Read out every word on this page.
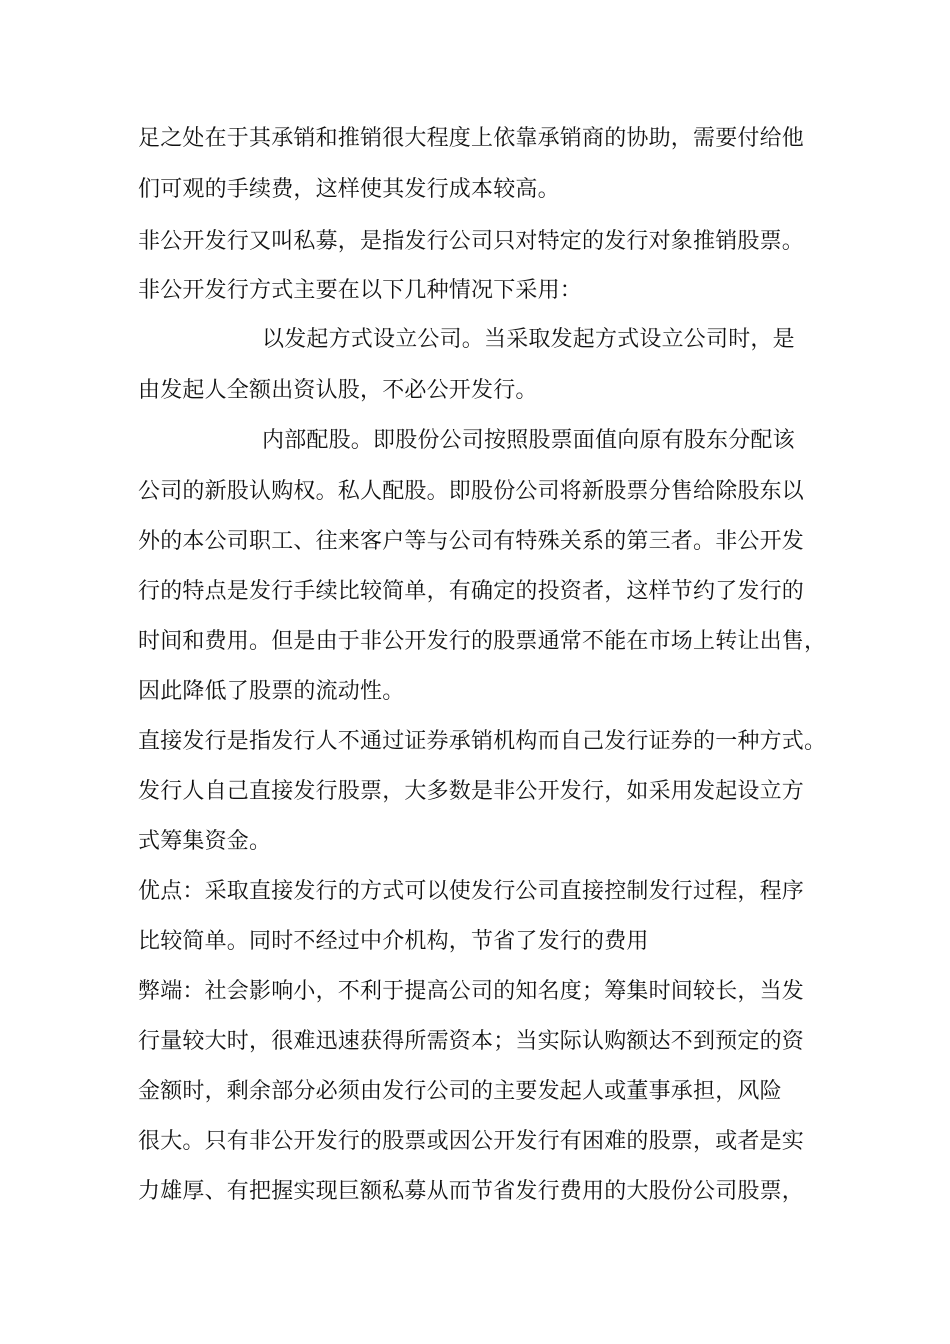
足之处在于其承销和推销很大程度上依靠承销商的协助，需要付给他
们可观的手续费，这样使其发行成本较高。
非公开发行又叫私募，是指发行公司只对特定的发行对象推销股票。
非公开发行方式主要在以下几种情况下采用：
以发起方式设立公司。当采取发起方式设立公司时，是
由发起人全额出资认股，不必公开发行。
内部配股。即股份公司按照股票面值向原有股东分配该
公司的新股认购权。私人配股。即股份公司将新股票分售给除股东以
外的本公司职工、往来客户等与公司有特殊关系的第三者。非公开发
行的特点是发行手续比较简单，有确定的投资者，这样节约了发行的
时间和费用。但是由于非公开发行的股票通常不能在市场上转让出售，
因此降低了股票的流动性。
直接发行是指发行人不通过证券承销机构而自己发行证券的一种方式。
发行人自己直接发行股票，大多数是非公开发行，如采用发起设立方
式筹集资金。
优点：采取直接发行的方式可以使发行公司直接控制发行过程，程序
比较简单。同时不经过中介机构，节省了发行的费用
弊端：社会影响小，不利于提高公司的知名度；筹集时间较长，当发
行量较大时，很难迅速获得所需资本；当实际认购额达不到预定的资
金额时，剩余部分必须由发行公司的主要发起人或董事承担，风险
很大。只有非公开发行的股票或因公开发行有困难的股票，或者是实
力雄厚、有把握实现巨额私募从而节省发行费用的大股份公司股票，
